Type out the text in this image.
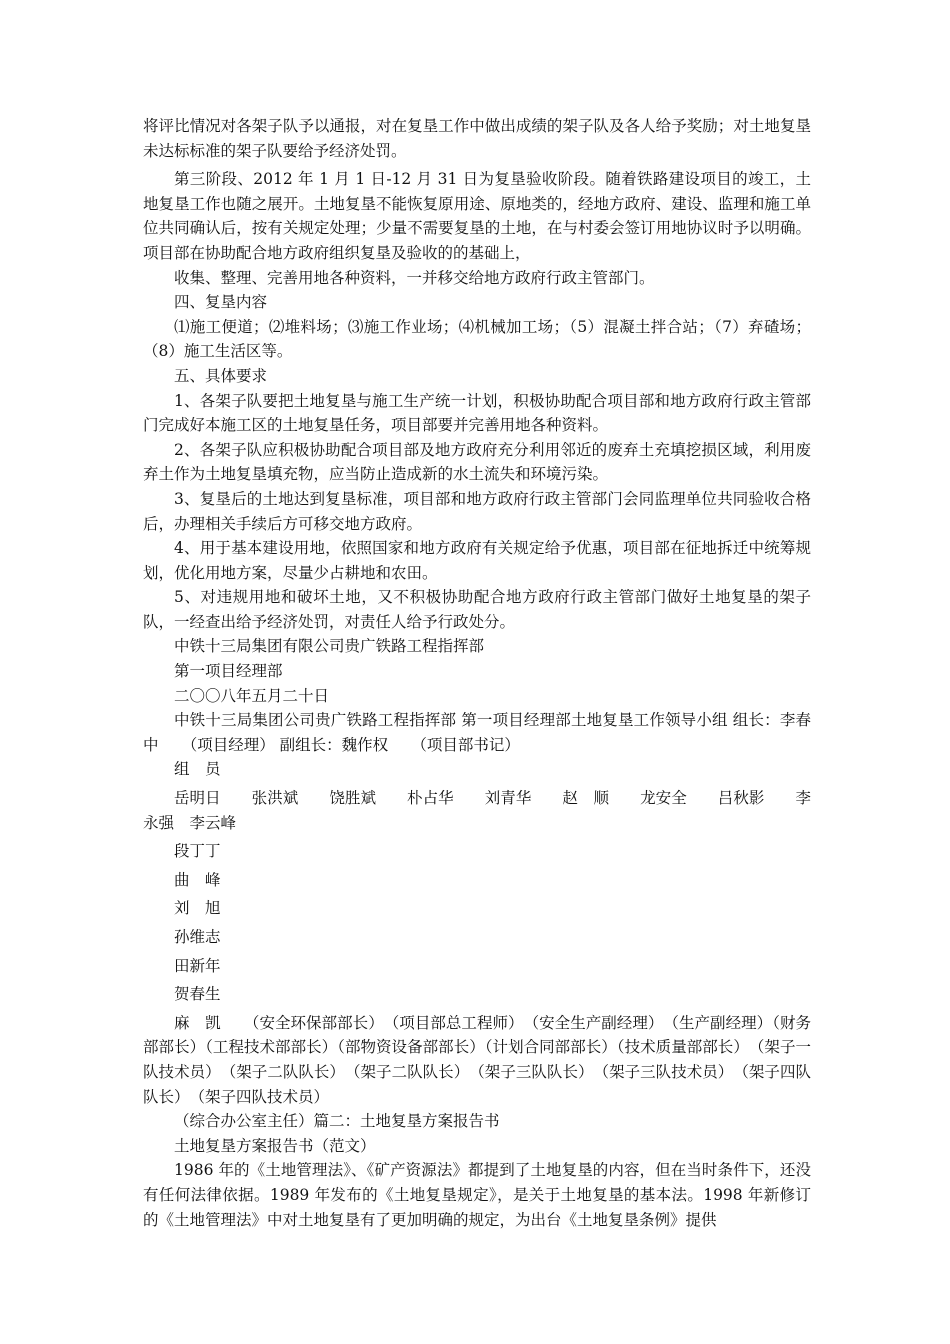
将评比情况对各架子队予以通报，对在复垦工作中做出成绩的架子队及各人给予奖励；对土地复垦未达标标准的架子队要给予经济处罚。

第三阶段、2012 年 1 月 1 日-12 月 31 日为复垦验收阶段。随着铁路建设项目的竣工，土地复垦工作也随之展开。土地复垦不能恢复原用途、原地类的，经地方政府、建设、监理和施工单位共同确认后，按有关规定处理；少量不需要复垦的土地，在与村委会签订用地协议时予以明确。项目部在协助配合地方政府组织复垦及验收的的基础上，

收集、整理、完善用地各种资料，一并移交给地方政府行政主管部门。

四、复垦内容

⑴施工便道；⑵堆料场；⑶施工作业场；⑷机械加工场；（5）混凝土拌合站；（7）弃碴场；（8）施工生活区等。

五、具体要求

1、各架子队要把土地复垦与施工生产统一计划，积极协助配合项目部和地方政府行政主管部门完成好本施工区的土地复垦任务，项目部要并完善用地各种资料。

2、各架子队应积极协助配合项目部及地方政府充分利用邻近的废弃土充填挖损区域，利用废弃土作为土地复垦填充物，应当防止造成新的水土流失和环境污染。

3、复垦后的土地达到复垦标准，项目部和地方政府行政主管部门会同监理单位共同验收合格后，办理相关手续后方可移交地方政府。

4、用于基本建设用地，依照国家和地方政府有关规定给予优惠，项目部在征地拆迁中统筹规划，优化用地方案，尽量少占耕地和农田。

5、对违规用地和破坏土地，又不积极协助配合地方政府行政主管部门做好土地复垦的架子队，一经查出给予经济处罚，对责任人给予行政处分。

中铁十三局集团有限公司贵广铁路工程指挥部

第一项目经理部

二〇〇八年五月二十日

中铁十三局集团公司贵广铁路工程指挥部 第一项目经理部土地复垦工作领导小组 组长：李春中　　（项目经理） 副组长：魏作权　　（项目部书记）

组　员

岳明日　　张洪斌　　饶胜斌　　朴占华　　刘青华　　赵　顺　　龙安全　　吕秋影　　李永强　李云峰

段丁丁

曲　峰

刘　旭

孙维志

田新年

贺春生

麻　凯　　（安全环保部部长）　（项目部总工程师）　（安全生产副经理）　（生产副经理）（财务部部长）（工程技术部部长）（部物资设备部部长）（计划合同部部长）（技术质量部部长）　（架子一队技术员）　（架子二队队长）　（架子二队队长）　（架子三队队长）　（架子三队技术员）　（架子四队队长）　（架子四队技术员）

（综合办公室主任）篇二：土地复垦方案报告书

土地复垦方案报告书（范文）

1986 年的《土地管理法》、《矿产资源法》都提到了土地复垦的内容，但在当时条件下，还没有任何法律依据。1989 年发布的《土地复垦规定》，是关于土地复垦的基本法。1998 年新修订的《土地管理法》中对土地复垦有了更加明确的规定，为出台《土地复垦条例》提供
